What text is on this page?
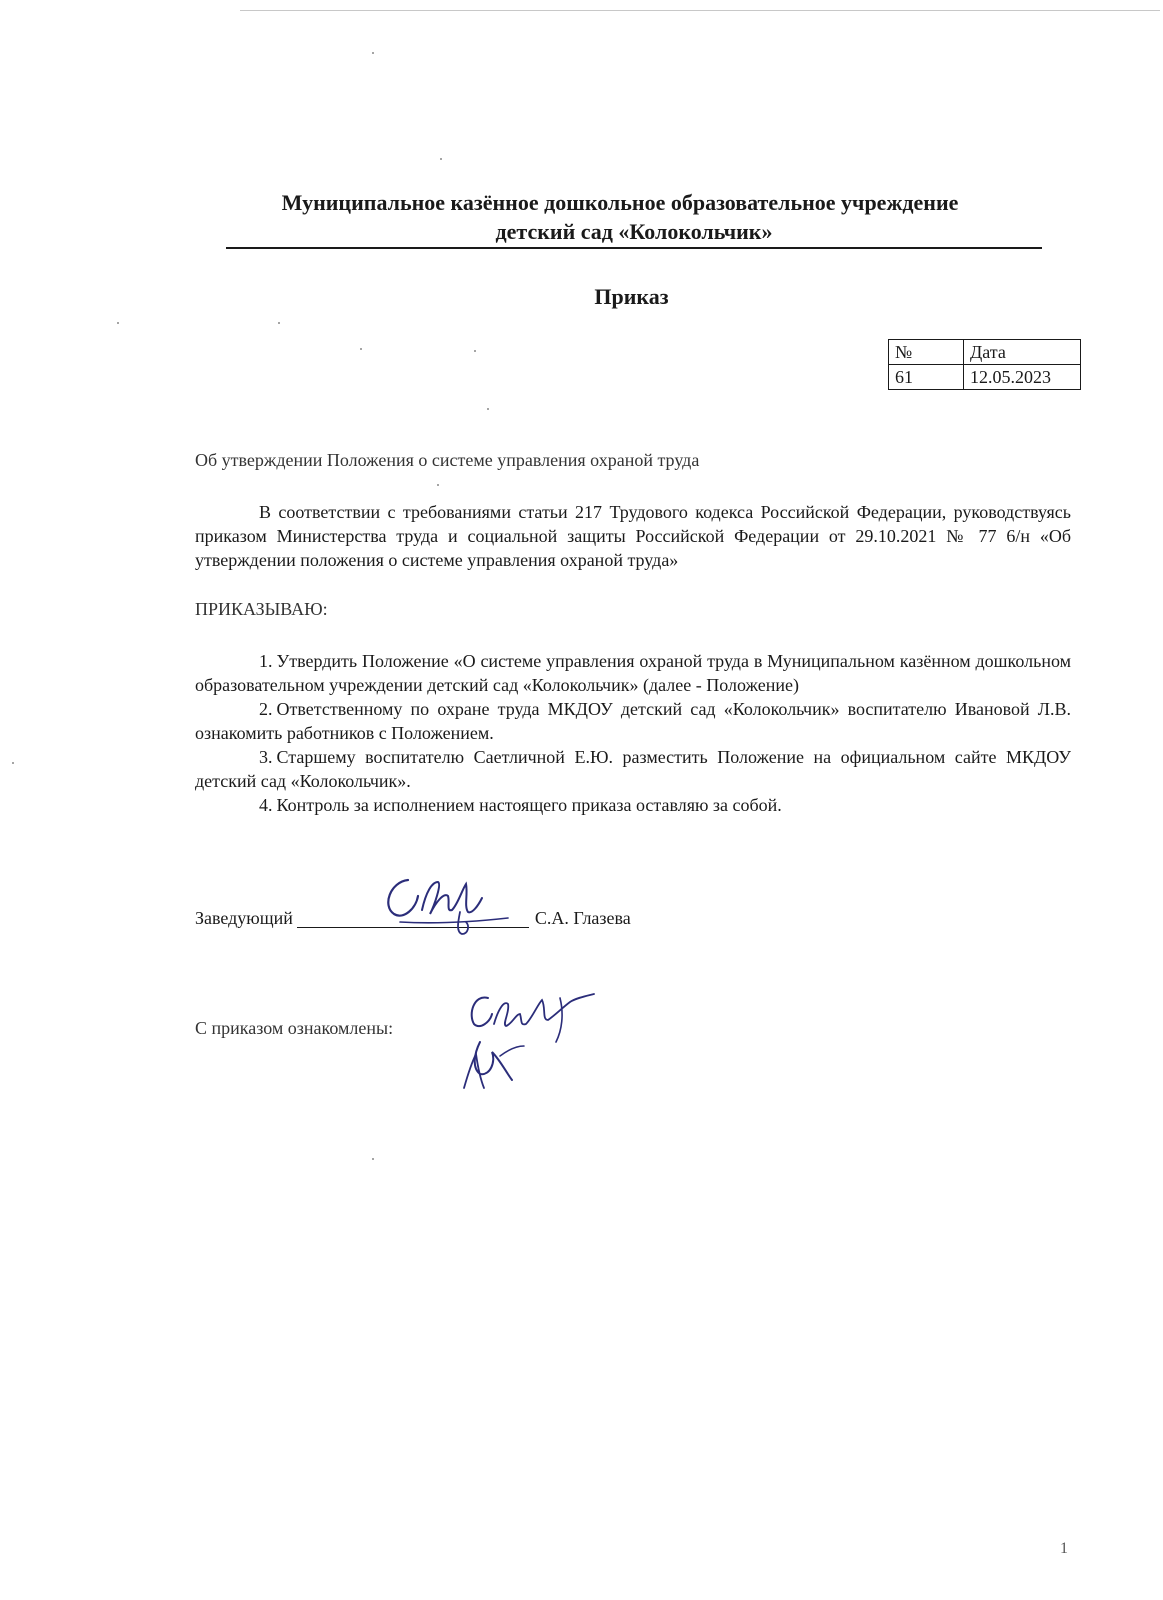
Муниципальное казённое дошкольное образовательное учреждение
детский сад «Колокольчик»
Приказ
№	Дата
61	12.05.2023
Об утверждении Положения о системе управления охраной труда
В соответствии с требованиями статьи 217 Трудового кодекса Российской Федерации, руководствуясь приказом Министерства труда и социальной защиты Российской Федерации от 29.10.2021 № 77 6/н «Об утверждении положения о системе управления охраной труда»
ПРИКАЗЫВАЮ:
1. Утвердить Положение «О системе управления охраной труда в Муниципальном казённом дошкольном образовательном учреждении детский сад «Колокольчик» (далее - Положение)
2. Ответственному по охране труда МКДОУ детский сад «Колокольчик» воспитателю Ивановой Л.В. ознакомить работников с Положением.
3. Старшему воспитателю Саетличной Е.Ю. разместить Положение на официальном сайте МКДОУ детский сад «Колокольчик».
4. Контроль за исполнением настоящего приказа оставляю за собой.
Заведующий	С.А. Глазева
С приказом ознакомлены:
1
